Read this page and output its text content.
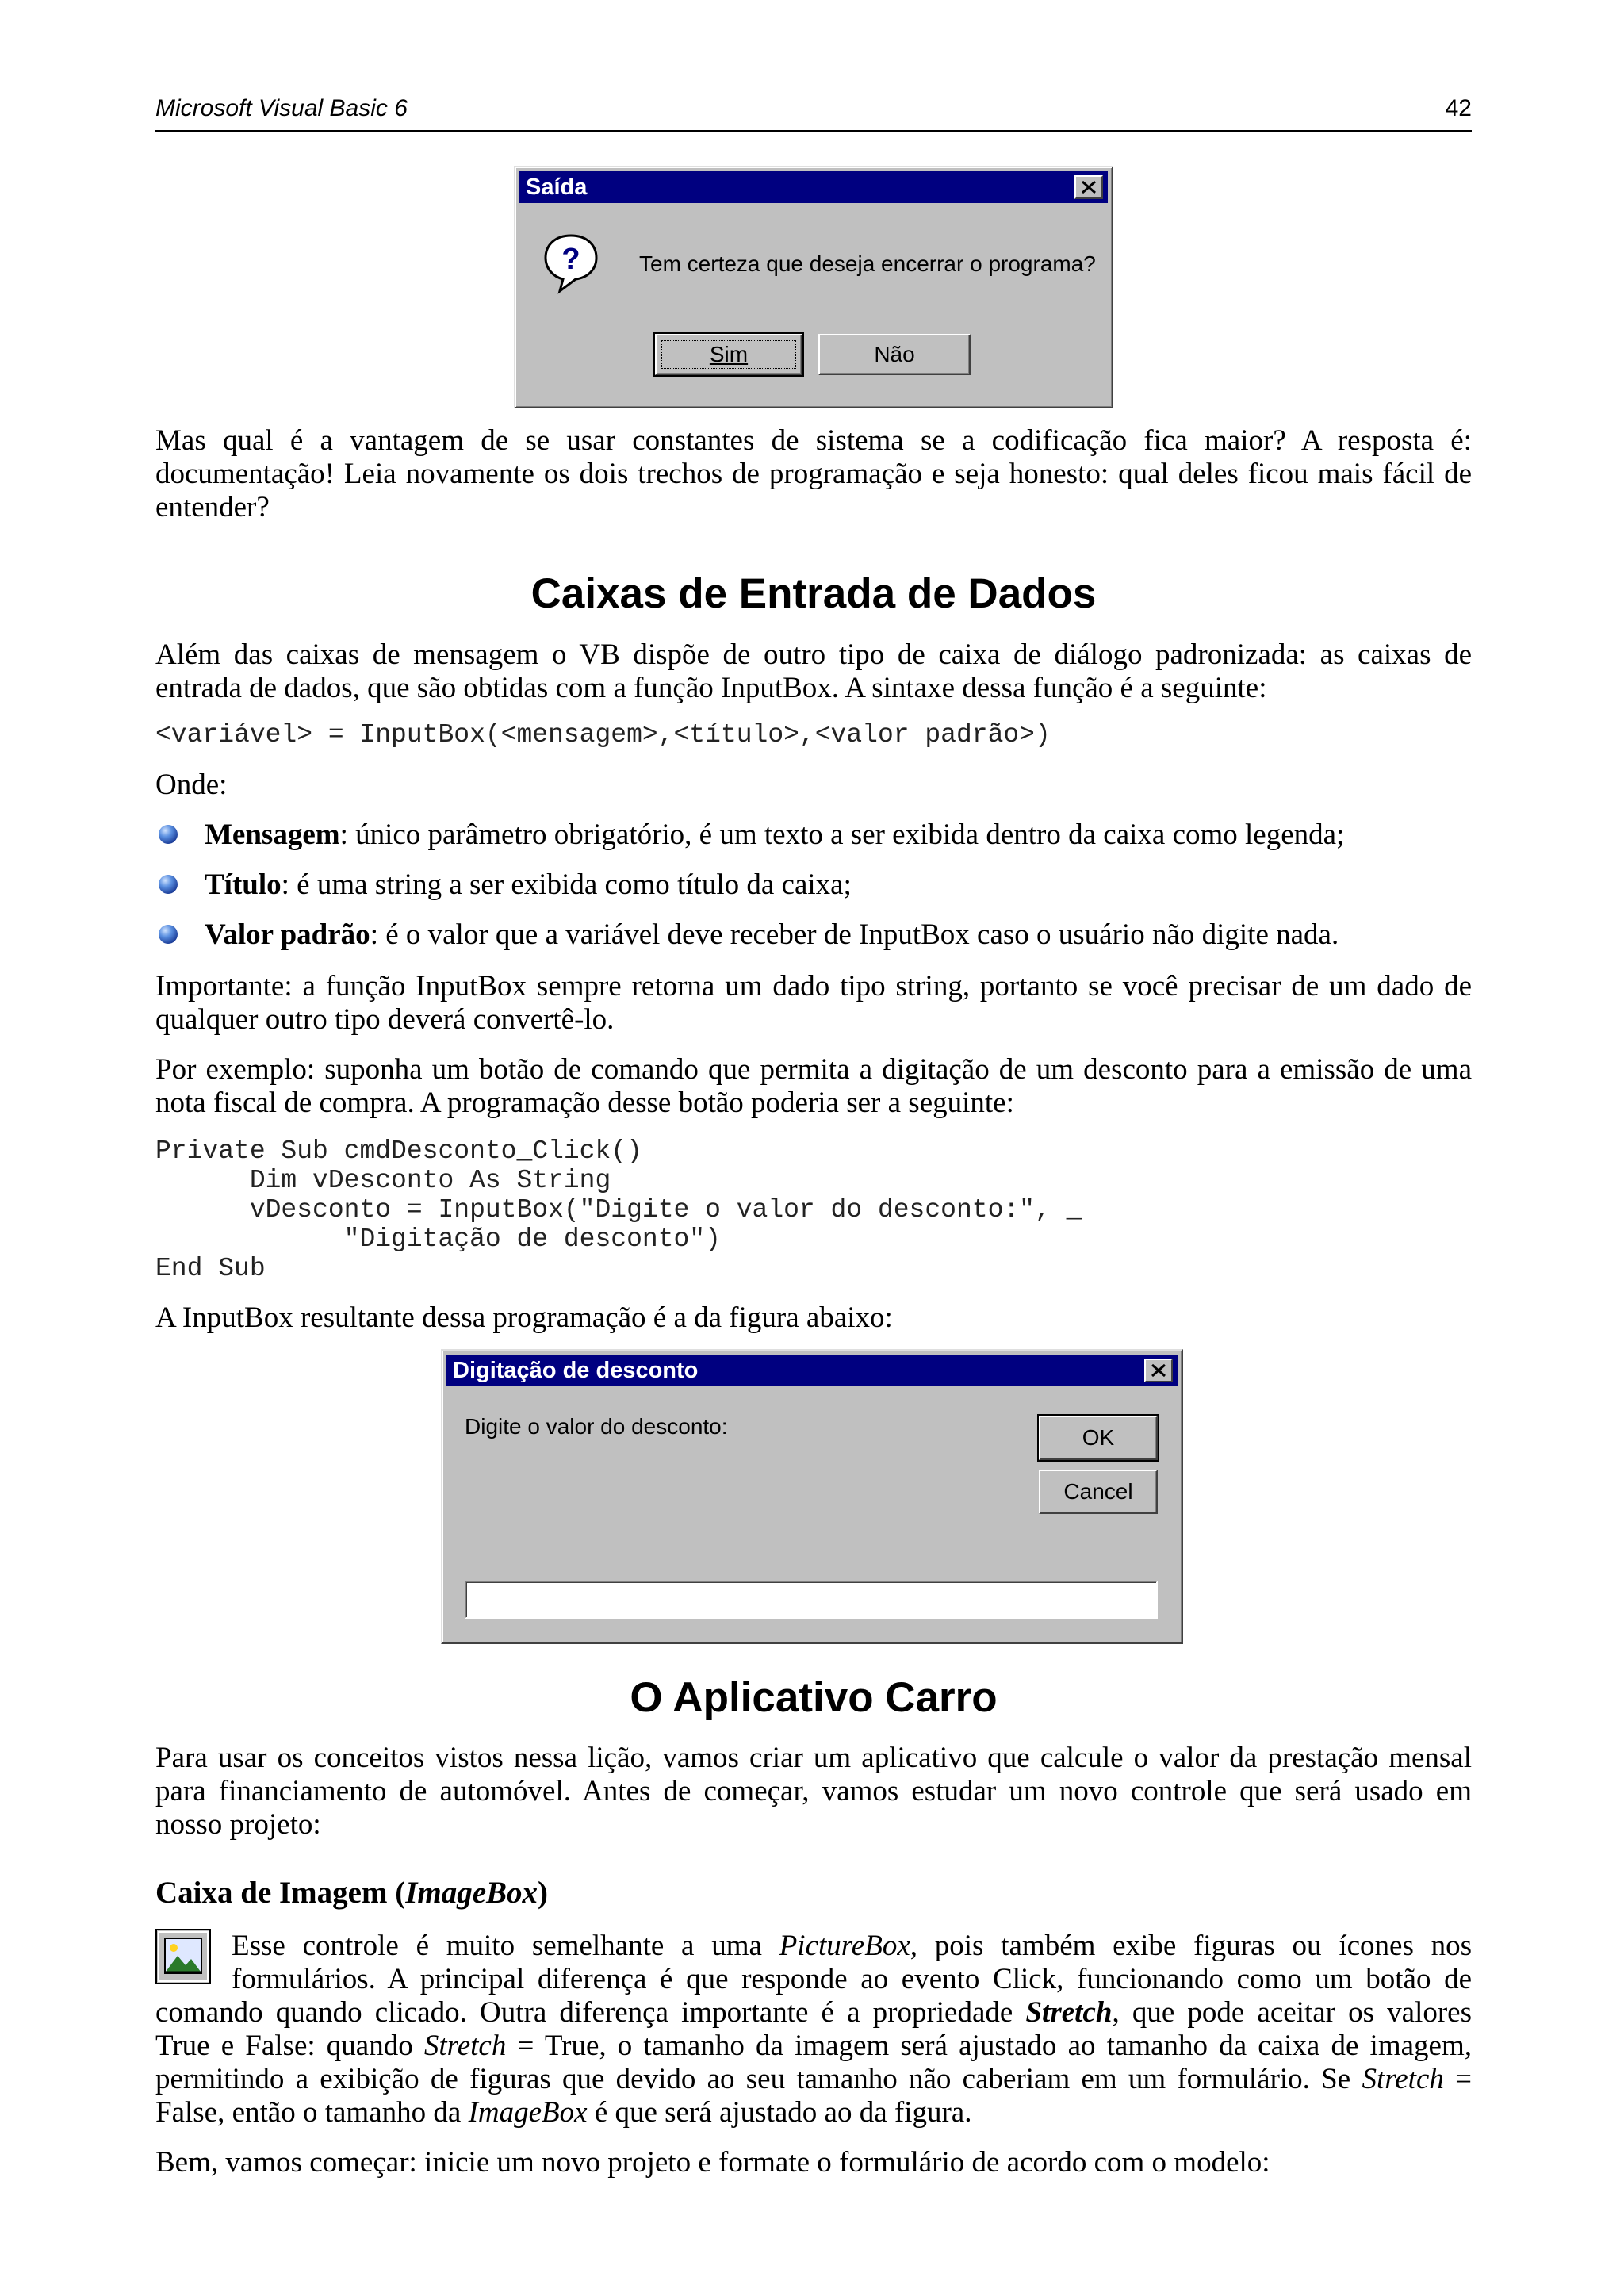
Microsoft Visual Basic 6	42
Saída
?	Tem certeza que deseja encerrar o programa?
Sim	Não
Mas qual é a vantagem de se usar constantes de sistema se a codificação fica maior? A resposta é:
documentação! Leia novamente os dois trechos de programação e seja honesto: qual deles ficou mais fácil de
entender?
Caixas de Entrada de Dados
Além das caixas de mensagem o VB dispõe de outro tipo de caixa de diálogo padronizada: as caixas de
entrada de dados, que são obtidas com a função InputBox. A sintaxe dessa função é a seguinte:
<variável> = InputBox(<mensagem>,<título>,<valor padrão>)
Onde:
Mensagem: único parâmetro obrigatório, é um texto a ser exibida dentro da caixa como legenda;
Título: é uma string a ser exibida como título da caixa;
Valor padrão: é o valor que a variável deve receber de InputBox caso o usuário não digite nada.
Importante: a função InputBox sempre retorna um dado tipo string, portanto se você precisar de um dado de
qualquer outro tipo deverá convertê-lo.
Por exemplo: suponha um botão de comando que permita a digitação de um desconto para a emissão de uma
nota fiscal de compra. A programação desse botão poderia ser a seguinte:
Private Sub cmdDesconto_Click()
Dim vDesconto As String
vDesconto = InputBox("Digite o valor do desconto:", _
"Digitação de desconto")
End Sub
A InputBox resultante dessa programação é a da figura abaixo:
Digitação de desconto
Digite o valor do desconto:	OK
Cancel
O Aplicativo Carro
Para usar os conceitos vistos nessa lição, vamos criar um aplicativo que calcule o valor da prestação mensal
para financiamento de automóvel. Antes de começar, vamos estudar um novo controle que será usado em
nosso projeto:
Caixa de Imagem (ImageBox)
Esse controle é muito semelhante a uma PictureBox, pois também exibe figuras ou ícones nos
formulários. A principal diferença é que responde ao evento Click, funcionando como um botão de
comando quando clicado. Outra diferença importante é a propriedade Stretch, que pode aceitar os valores
True e False: quando Stretch = True, o tamanho da imagem será ajustado ao tamanho da caixa de imagem,
permitindo a exibição de figuras que devido ao seu tamanho não caberiam em um formulário. Se Stretch =
False, então o tamanho da ImageBox é que será ajustado ao da figura.
Bem, vamos começar: inicie um novo projeto e formate o formulário de acordo com o modelo:
